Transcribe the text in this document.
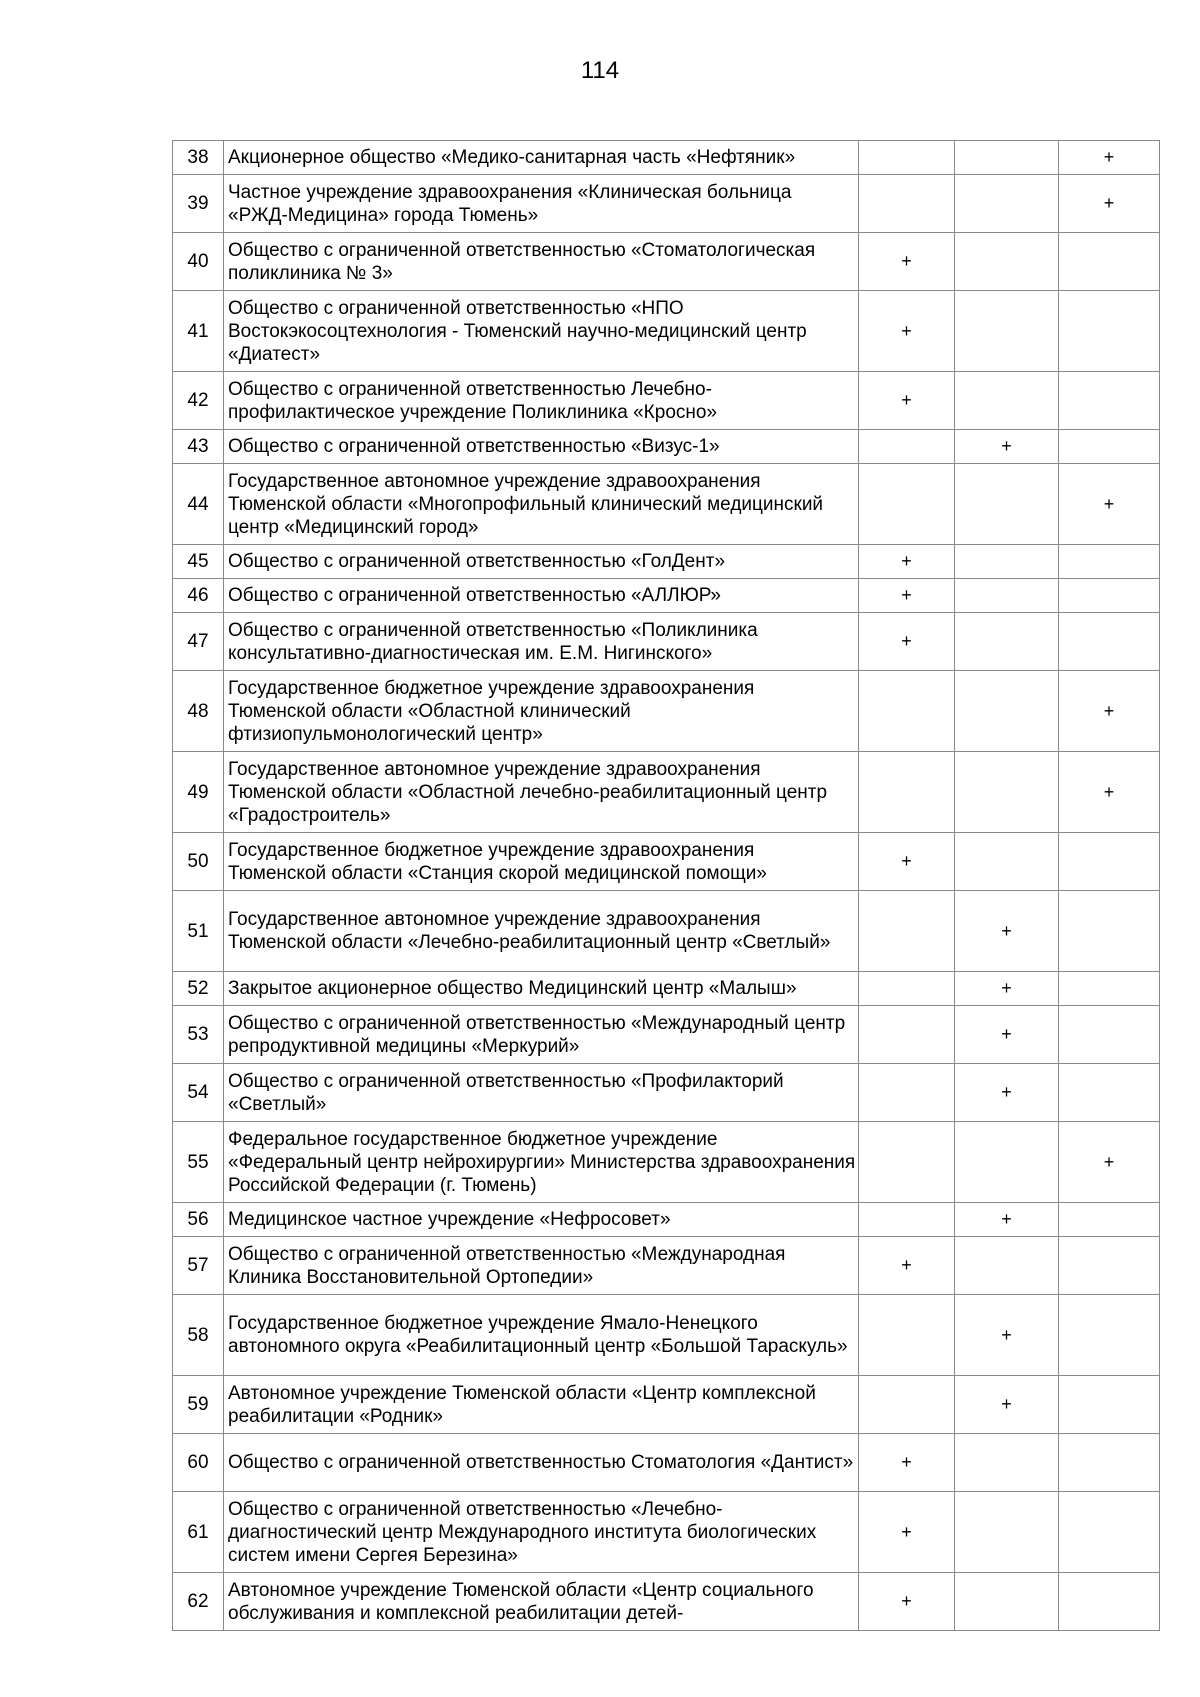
114
38	Акционерное общество «Медико-санитарная часть «Нефтяник»			+
39	Частное учреждение здравоохранения «Клиническая больница «РЖД-Медицина» города Тюмень»			+
40	Общество с ограниченной ответственностью «Стоматологическая поликлиника № 3»	+		
41	Общество с ограниченной ответственностью «НПО Востокэкосоцтехнология - Тюменский научно-медицинский центр «Диатест»	+		
42	Общество с ограниченной ответственностью Лечебно-профилактическое учреждение Поликлиника «Кросно»	+		
43	Общество с ограниченной ответственностью «Визус-1»		+	
44	Государственное автономное учреждение здравоохранения Тюменской области «Многопрофильный клинический медицинский центр «Медицинский город»			+
45	Общество с ограниченной ответственностью «ГолДент»	+		
46	Общество с ограниченной ответственностью «АЛЛЮР»	+		
47	Общество с ограниченной ответственностью «Поликлиника консультативно-диагностическая им. Е.М. Нигинского»	+		
48	Государственное бюджетное учреждение здравоохранения Тюменской области «Областной клинический фтизиопульмонологический центр»			+
49	Государственное автономное учреждение здравоохранения Тюменской области «Областной лечебно-реабилитационный центр «Градостроитель»			+
50	Государственное бюджетное учреждение здравоохранения Тюменской области «Станция скорой медицинской помощи»	+		
51	Государственное автономное учреждение здравоохранения Тюменской области «Лечебно-реабилитационный центр «Светлый»		+	
52	Закрытое акционерное общество Медицинский центр «Малыш»		+	
53	Общество с ограниченной ответственностью «Международный центр репродуктивной медицины «Меркурий»		+	
54	Общество с ограниченной ответственностью «Профилакторий «Светлый»		+	
55	Федеральное государственное бюджетное учреждение «Федеральный центр нейрохирургии» Министерства здравоохранения Российской Федерации (г. Тюмень)			+
56	Медицинское частное учреждение «Нефросовет»		+	
57	Общество с ограниченной ответственностью «Международная Клиника Восстановительной Ортопедии»	+		
58	Государственное бюджетное учреждение Ямало-Ненецкого автономного округа «Реабилитационный центр «Большой Тараскуль»		+	
59	Автономное учреждение Тюменской области «Центр комплексной реабилитации «Родник»		+	
60	Общество с ограниченной ответственностью Стоматология «Дантист»	+		
61	Общество с ограниченной ответственностью «Лечебно-диагностический центр Международного института биологических систем имени Сергея Березина»	+		
62	Автономное учреждение Тюменской области «Центр социального обслуживания и комплексной реабилитации детей-	+		
